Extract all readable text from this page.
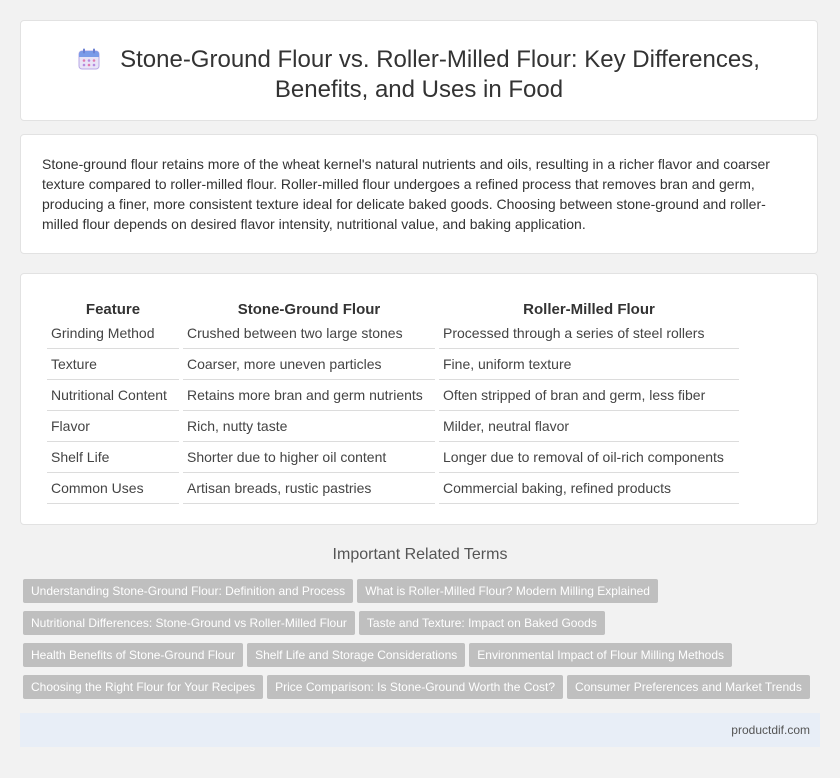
Stone-Ground Flour vs. Roller-Milled Flour: Key Differences, Benefits, and Uses in Food

Stone-ground flour retains more of the wheat kernel's natural nutrients and oils, resulting in a richer flavor and coarser texture compared to roller-milled flour. Roller-milled flour undergoes a refined process that removes bran and germ, producing a finer, more consistent texture ideal for delicate baked goods. Choosing between stone-ground and roller-milled flour depends on desired flavor intensity, nutritional value, and baking application.

Feature	Stone-Ground Flour	Roller-Milled Flour
Grinding Method	Crushed between two large stones	Processed through a series of steel rollers
Texture	Coarser, more uneven particles	Fine, uniform texture
Nutritional Content	Retains more bran and germ nutrients	Often stripped of bran and germ, less fiber
Flavor	Rich, nutty taste	Milder, neutral flavor
Shelf Life	Shorter due to higher oil content	Longer due to removal of oil-rich components
Common Uses	Artisan breads, rustic pastries	Commercial baking, refined products
Important Related Terms
Understanding Stone-Ground Flour: Definition and Process What is Roller-Milled Flour? Modern Milling Explained
Nutritional Differences: Stone-Ground vs Roller-Milled Flour Taste and Texture: Impact on Baked Goods
Health Benefits of Stone-Ground Flour Shelf Life and Storage Considerations Environmental Impact of Flour Milling Methods
Choosing the Right Flour for Your Recipes Price Comparison: Is Stone-Ground Worth the Cost? Consumer Preferences and Market Trends
productdif.com
